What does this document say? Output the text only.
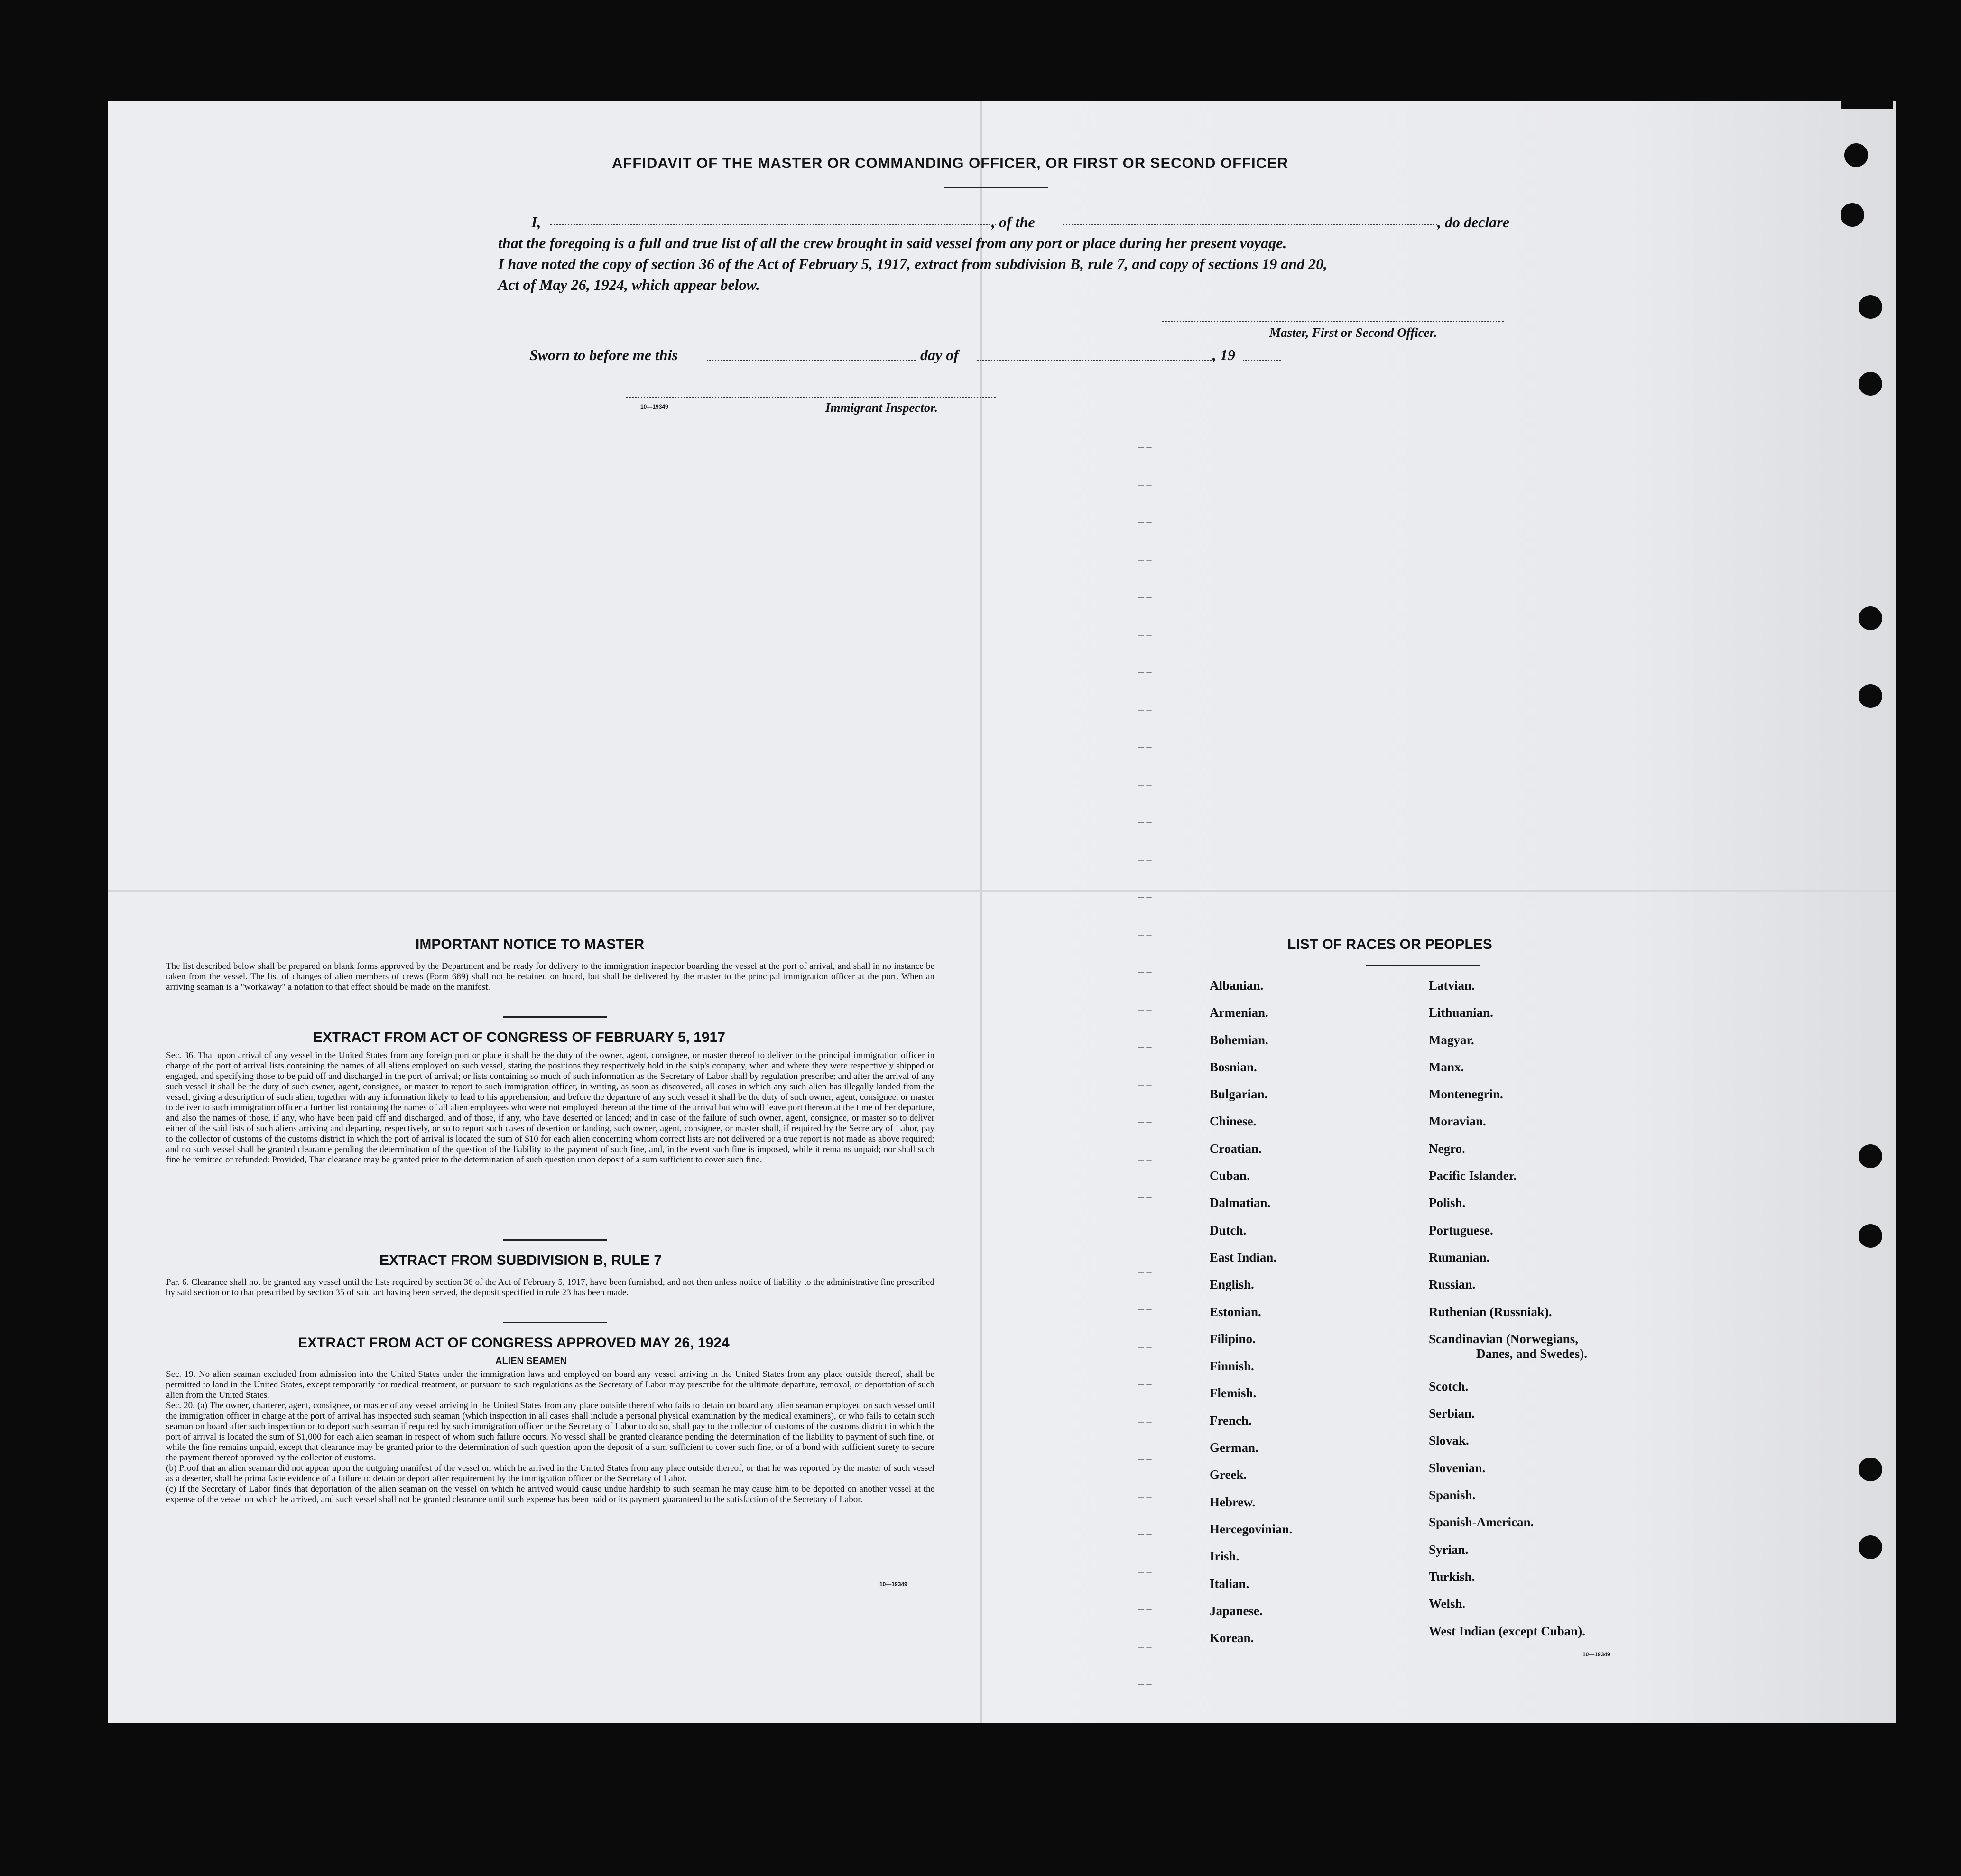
AFFIDAVIT OF THE MASTER OR COMMANDING OFFICER, OR FIRST OR SECOND OFFICER
I,	, of the	, do declare
that the foregoing is a full and true list of all the crew brought in said vessel from any port or place during her present voyage.
I have noted the copy of section 36 of the Act of February 5, 1917, extract from subdivision B, rule 7, and copy of sections 19 and 20,
Act of May 26, 1924, which appear below.
Master, First or Second Officer.
Sworn to before me this	day of	, 19
10—19349	Immigrant Inspector.
– –
– –
– –
– –
– –
– –
– –
– –
– –
– –
– –
– –
– –
– –
– –
– –
– –
– –
– –
– –
– –
– –
– –
– –
– –
– –
– –
– –
– –
– –
– –
– –
– –
– –
IMPORTANT NOTICE TO MASTER
The list described below shall be prepared on blank forms approved by the Department and be ready for delivery to the immigration inspector boarding the vessel at the port of arrival, and shall in no instance be taken from the vessel. The list of changes of alien members of crews (Form 689) shall not be retained on board, but shall be delivered by the master to the principal immigration officer at the port. When an arriving seaman is a "workaway" a notation to that effect should be made on the manifest.
EXTRACT FROM ACT OF CONGRESS OF FEBRUARY 5, 1917
Sec. 36. That upon arrival of any vessel in the United States from any foreign port or place it shall be the duty of the owner, agent, consignee, or master thereof to deliver to the principal immigration officer in charge of the port of arrival lists containing the names of all aliens employed on such vessel, stating the positions they respectively hold in the ship's company, when and where they were respectively shipped or engaged, and specifying those to be paid off and discharged in the port of arrival; or lists containing so much of such information as the Secretary of Labor shall by regulation prescribe; and after the arrival of any such vessel it shall be the duty of such owner, agent, consignee, or master to report to such immigration officer, in writing, as soon as discovered, all cases in which any such alien has illegally landed from the vessel, giving a description of such alien, together with any information likely to lead to his apprehension; and before the departure of any such vessel it shall be the duty of such owner, agent, consignee, or master to deliver to such immigration officer a further list containing the names of all alien employees who were not employed thereon at the time of the arrival but who will leave port thereon at the time of her departure, and also the names of those, if any, who have been paid off and discharged, and of those, if any, who have deserted or landed; and in case of the failure of such owner, agent, consignee, or master so to deliver either of the said lists of such aliens arriving and departing, respectively, or so to report such cases of desertion or landing, such owner, agent, consignee, or master shall, if required by the Secretary of Labor, pay to the collector of customs of the customs district in which the port of arrival is located the sum of $10 for each alien concerning whom correct lists are not delivered or a true report is not made as above required; and no such vessel shall be granted clearance pending the determination of the question of the liability to the payment of such fine, and, in the event such fine is imposed, while it remains unpaid; nor shall such fine be remitted or refunded: Provided, That clearance may be granted prior to the determination of such question upon deposit of a sum sufficient to cover such fine.
EXTRACT FROM SUBDIVISION B, RULE 7
Par. 6. Clearance shall not be granted any vessel until the lists required by section 36 of the Act of February 5, 1917, have been furnished, and not then unless notice of liability to the administrative fine prescribed by said section or to that prescribed by section 35 of said act having been served, the deposit specified in rule 23 has been made.
EXTRACT FROM ACT OF CONGRESS APPROVED MAY 26, 1924
ALIEN SEAMEN

Sec. 19. No alien seaman excluded from admission into the United States under the immigration laws and employed on board any vessel arriving in the United States from any place outside thereof, shall be permitted to land in the United States, except temporarily for medical treatment, or pursuant to such regulations as the Secretary of Labor may prescribe for the ultimate departure, removal, or deportation of such alien from the United States.

Sec. 20. (a) The owner, charterer, agent, consignee, or master of any vessel arriving in the United States from any place outside thereof who fails to detain on board any alien seaman employed on such vessel until the immigration officer in charge at the port of arrival has inspected such seaman (which inspection in all cases shall include a personal physical examination by the medical examiners), or who fails to detain such seaman on board after such inspection or to deport such seaman if required by such immigration officer or the Secretary of Labor to do so, shall pay to the collector of customs of the customs district in which the port of arrival is located the sum of $1,000 for each alien seaman in respect of whom such failure occurs. No vessel shall be granted clearance pending the determination of the liability to payment of such fine, or while the fine remains unpaid, except that clearance may be granted prior to the determination of such question upon the deposit of a sum sufficient to cover such fine, or of a bond with sufficient surety to secure the payment thereof approved by the collector of customs.

(b) Proof that an alien seaman did not appear upon the outgoing manifest of the vessel on which he arrived in the United States from any place outside thereof, or that he was reported by the master of such vessel as a deserter, shall be prima facie evidence of a failure to detain or deport after requirement by the immigration officer or the Secretary of Labor.

(c) If the Secretary of Labor finds that deportation of the alien seaman on the vessel on which he arrived would cause undue hardship to such seaman he may cause him to be deported on another vessel at the expense of the vessel on which he arrived, and such vessel shall not be granted clearance until such expense has been paid or its payment guaranteed to the satisfaction of the Secretary of Labor.

10—19349
LIST OF RACES OR PEOPLES
Albanian.
Armenian.
Bohemian.
Bosnian.
Bulgarian.
Chinese.
Croatian.
Cuban.
Dalmatian.
Dutch.
East Indian.
English.
Estonian.
Filipino.
Finnish.
Flemish.
French.
German.
Greek.
Hebrew.
Hercegovinian.
Irish.
Italian.
Japanese.
Korean.
Latvian.
Lithuanian.
Magyar.
Manx.
Montenegrin.
Moravian.
Negro.
Pacific Islander.
Polish.
Portuguese.
Rumanian.
Russian.
Ruthenian (Russniak).
Scandinavian (Norwegians,
Danes, and Swedes).
Scotch.
Serbian.
Slovak.
Slovenian.
Spanish.
Spanish-American.
Syrian.
Turkish.
Welsh.
West Indian (except Cuban).
10—19349
